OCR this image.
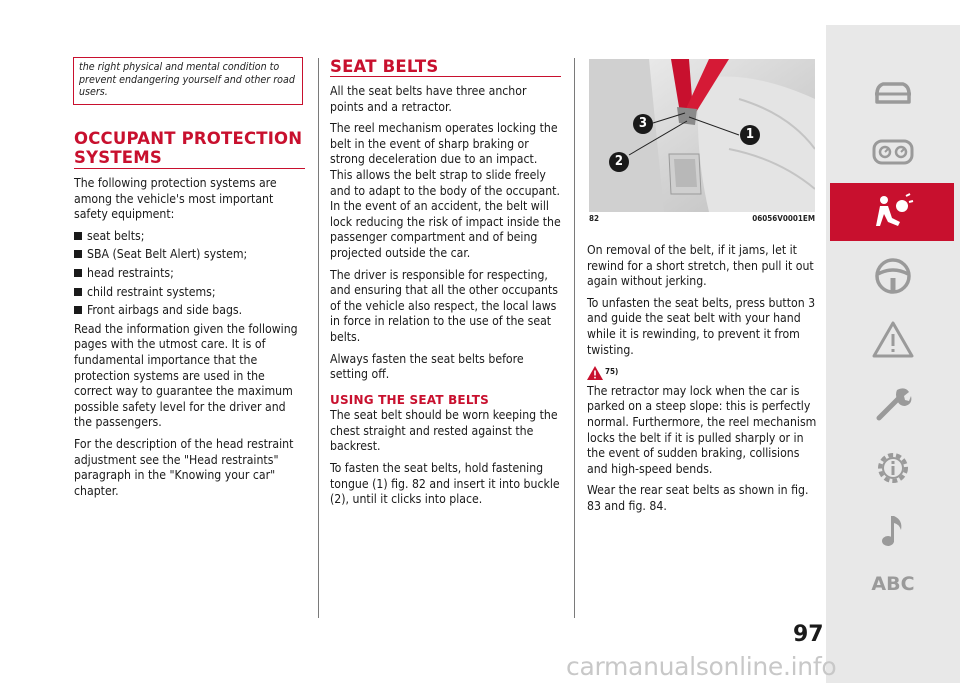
the right physical and mental condition to prevent endangering yourself and other road users.
OCCUPANT PROTECTION
SYSTEMS

The following protection systems are among the vehicle's most important safety equipment:

seat belts;
SBA (Seat Belt Alert) system;
head restraints;
child restraint systems;
Front airbags and side bags.

Read the information given the following pages with the utmost care. It is of fundamental importance that the protection systems are used in the correct way to guarantee the maximum possible safety level for the driver and the passengers.

For the description of the head restraint adjustment see the "Head restraints" paragraph in the "Knowing your car" chapter.

SEAT BELTS

All the seat belts have three anchor points and a retractor.

The reel mechanism operates locking the belt in the event of sharp braking or strong deceleration due to an impact. This allows the belt strap to slide freely and to adapt to the body of the occupant. In the event of an accident, the belt will lock reducing the risk of impact inside the passenger compartment and of being projected outside the car.

The driver is responsible for respecting, and ensuring that all the other occupants of the vehicle also respect, the local laws in force in relation to the use of the seat belts.

Always fasten the seat belts before setting off.

USING THE SEAT BELTS

The seat belt should be worn keeping the chest straight and rested against the backrest.

To fasten the seat belts, hold fastening tongue (1) fig. 82 and insert it into buckle (2), until it clicks into place.

1
2
3
82	06056V0001EM

On removal of the belt, if it jams, let it rewind for a short stretch, then pull it out again without jerking.

To unfasten the seat belts, press button 3 and guide the seat belt with your hand while it is rewinding, to prevent it from twisting.

75)

The retractor may lock when the car is parked on a steep slope: this is perfectly normal. Furthermore, the reel mechanism locks the belt if it is pulled sharply or in the event of sudden braking, collisions and high-speed bends.

Wear the rear seat belts as shown in fig. 83 and fig. 84.

97
ABC
carmanualsonline.info
